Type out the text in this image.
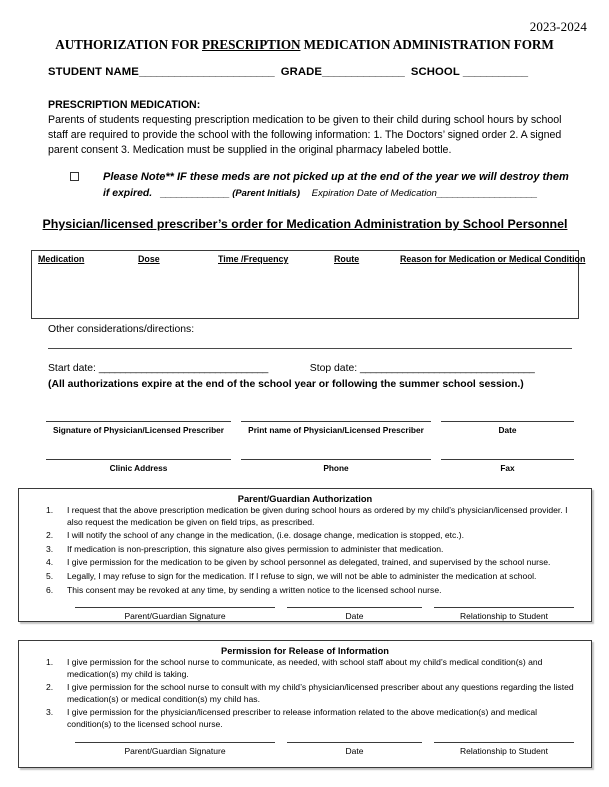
2023-2024
AUTHORIZATION FOR PRESCRIPTION MEDICATION ADMINISTRATION FORM
STUDENT NAME_______________________ GRADE______________ SCHOOL ___________
PRESCRIPTION MEDICATION:
Parents of students requesting prescription medication to be given to their child during school hours by school staff are required to provide the school with the following information: 1. The Doctors’ signed order 2. A signed parent consent 3. Medication must be supplied in the original pharmacy labeled bottle.
Please Note** IF these meds are not picked up at the end of the year we will destroy them
if expired. _____________ (Parent Initials) Expiration Date of Medication___________________
Physician/licensed prescriber’s order for Medication Administration by School Personnel
Medication	Dose	Time /Frequency	Route	Reason for Medication or Medical Condition
Other considerations/directions:
Start date: ________________________________	Stop date: _________________________________
(All authorizations expire at the end of the school year or following the summer school session.)
Signature of Physician/Licensed Prescriber	Print name of Physician/Licensed Prescriber	Date
Clinic Address	Phone	Fax
Parent/Guardian Authorization
1. I request that the above prescription medication be given during school hours as ordered by my child’s physician/licensed provider. I also request the medication be given on field trips, as prescribed.
2. I will notify the school of any change in the medication, (i.e. dosage change, medication is stopped, etc.).
3. If medication is non-prescription, this signature also gives permission to administer that medication.
4. I give permission for the medication to be given by school personnel as delegated, trained, and supervised by the school nurse.
5. Legally, I may refuse to sign for the medication. If I refuse to sign, we will not be able to administer the medication at school.
6. This consent may be revoked at any time, by sending a written notice to the licensed school nurse.
Parent/Guardian Signature	Date	Relationship to Student
Permission for Release of Information
1. I give permission for the school nurse to communicate, as needed, with school staff about my child’s medical condition(s) and medication(s) my child is taking.
2. I give permission for the school nurse to consult with my child’s physician/licensed prescriber about any questions regarding the listed medication(s) or medical condition(s) my child has.
3. I give permission for the physician/licensed prescriber to release information related to the above medication(s) and medical condition(s) to the licensed school nurse.
Parent/Guardian Signature	Date	Relationship to Student
